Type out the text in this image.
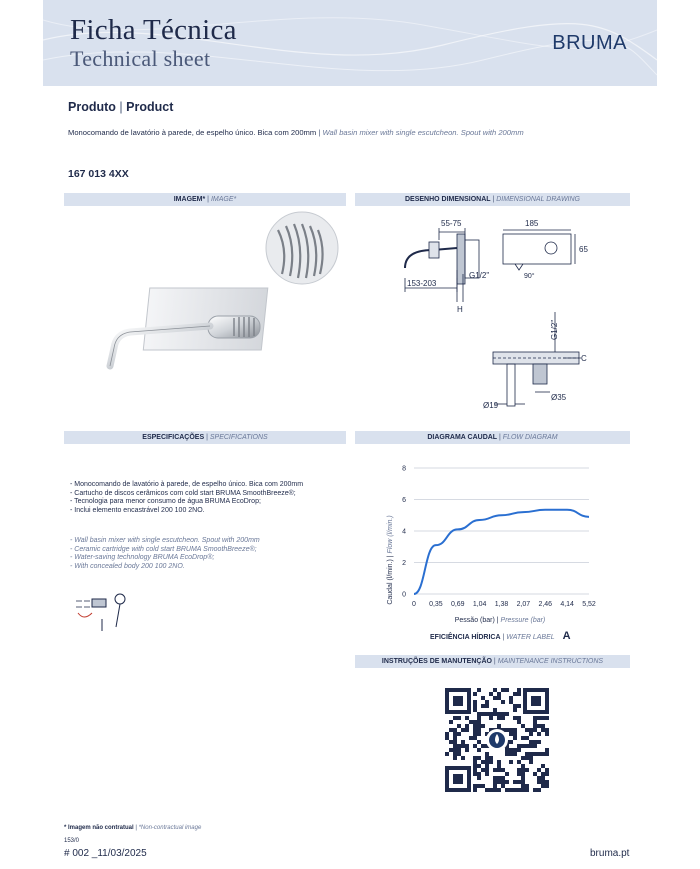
Ficha Técnica
Technical sheet
BRUMA
Produto | Product
Monocomando de lavatório à parede, de espelho único. Bica com 200mm | Wall basin mixer with single escutcheon. Spout with 200mm
167 013 4XX
IMAGEM* | IMAGE*	DESENHO DIMENSIONAL | DIMENSIONAL DRAWING
ESPECIFICAÇÕES | SPECIFICATIONS	DIAGRAMA CAUDAL | FLOW DIAGRAM
INSTRUÇÕES DE MANUTENÇÃO | MAINTENANCE INSTRUCTIONS
55-75	185
65
90°
G1/2"
153-203
H
G1/2"
C
Ø19
Ø35
- Monocomando de lavatório à parede, de espelho único. Bica com 200mm
- Cartucho de discos cerâmicos com cold start BRUMA SmoothBreeze®;
- Tecnologia para menor consumo de água BRUMA EcoDrop;
- Inclui elemento encastrável 200 100 2NO.
- Wall basin mixer with single escutcheon. Spout with 200mm
- Ceramic cartridge with cold start BRUMA SmoothBreeze®;
- Water-saving technology BRUMA EcoDrop®;
- With concealed body 200 100 2NO.
0
2
4
6
8
0 0,35 0,69 1,04 1,38 2,07 2,46 4,14 5,52
Caudal (l/min.) | Flow (l/min.)
Pessão (bar) | Pressure (bar)
EFICIÊNCIA HÍDRICA | WATER LABEL A
* Imagem não contratual | *Non-contractual image
153/0
# 002 _11/03/2025	bruma.pt
